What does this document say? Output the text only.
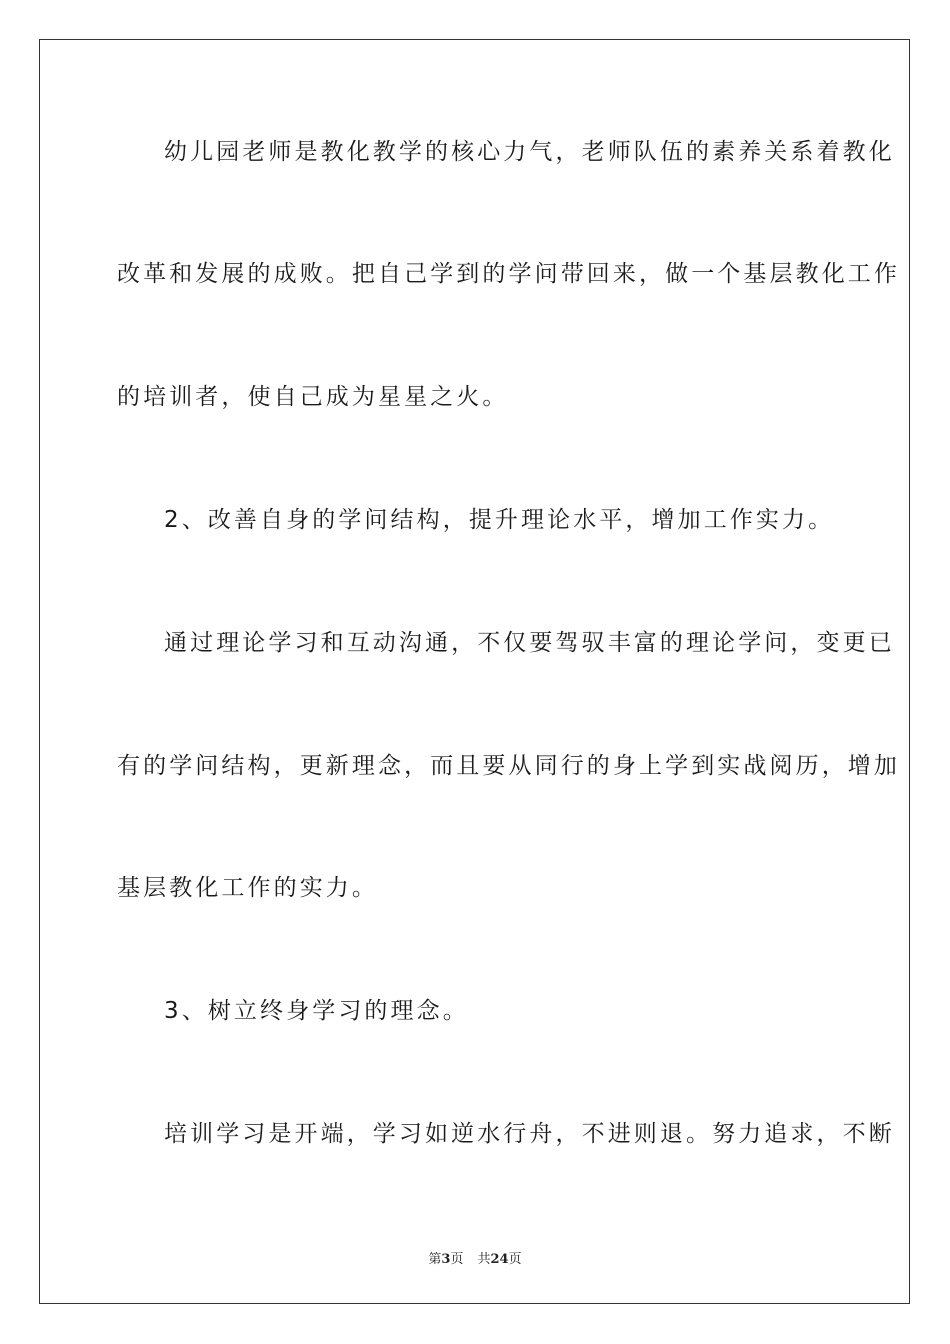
幼儿园老师是教化教学的核心力气，老师队伍的素养关系着教化
改革和发展的成败。把自己学到的学问带回来，做一个基层教化工作
的培训者，使自己成为星星之火。
2、改善自身的学问结构，提升理论水平，增加工作实力。
通过理论学习和互动沟通，不仅要驾驭丰富的理论学问，变更已
有的学问结构，更新理念，而且要从同行的身上学到实战阅历，增加
基层教化工作的实力。
3、树立终身学习的理念。
培训学习是开端，学习如逆水行舟，不进则退。努力追求，不断
第3页 共24页
